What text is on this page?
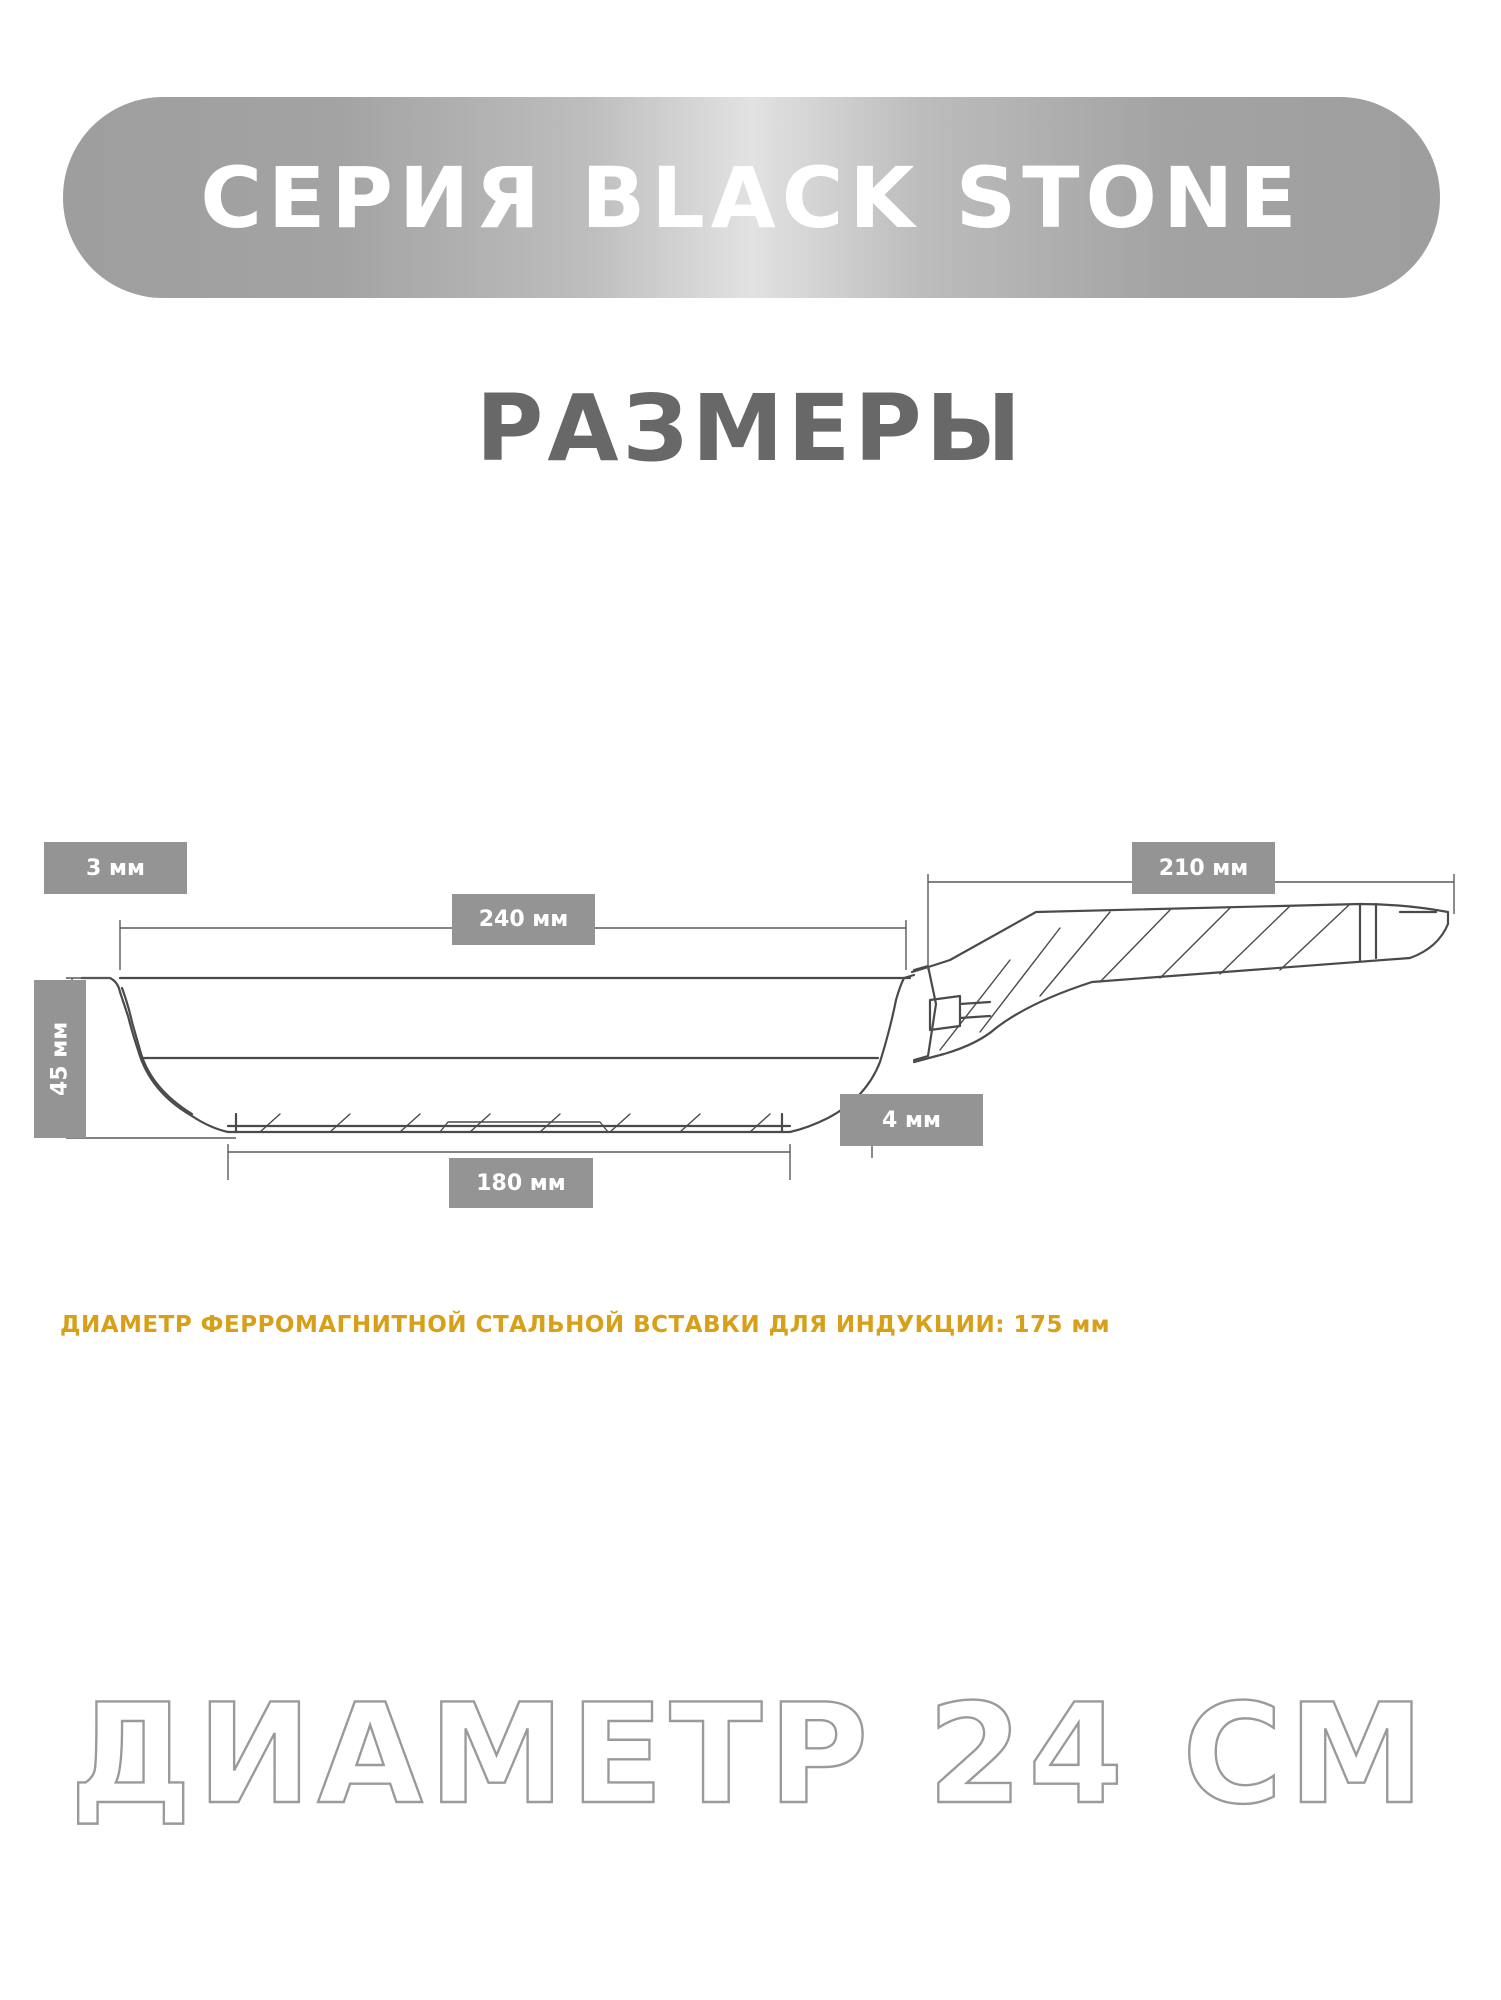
СЕРИЯ BLACK STONE
РАЗМЕРЫ
3 мм
240 мм
210 мм
45 мм
4 мм
180 мм

ДИАМЕТР ФЕРРОМАГНИТНОЙ СТАЛЬНОЙ ВСТАВКИ ДЛЯ ИНДУКЦИИ: 175 мм

ДИАМЕТР 24 СМ
